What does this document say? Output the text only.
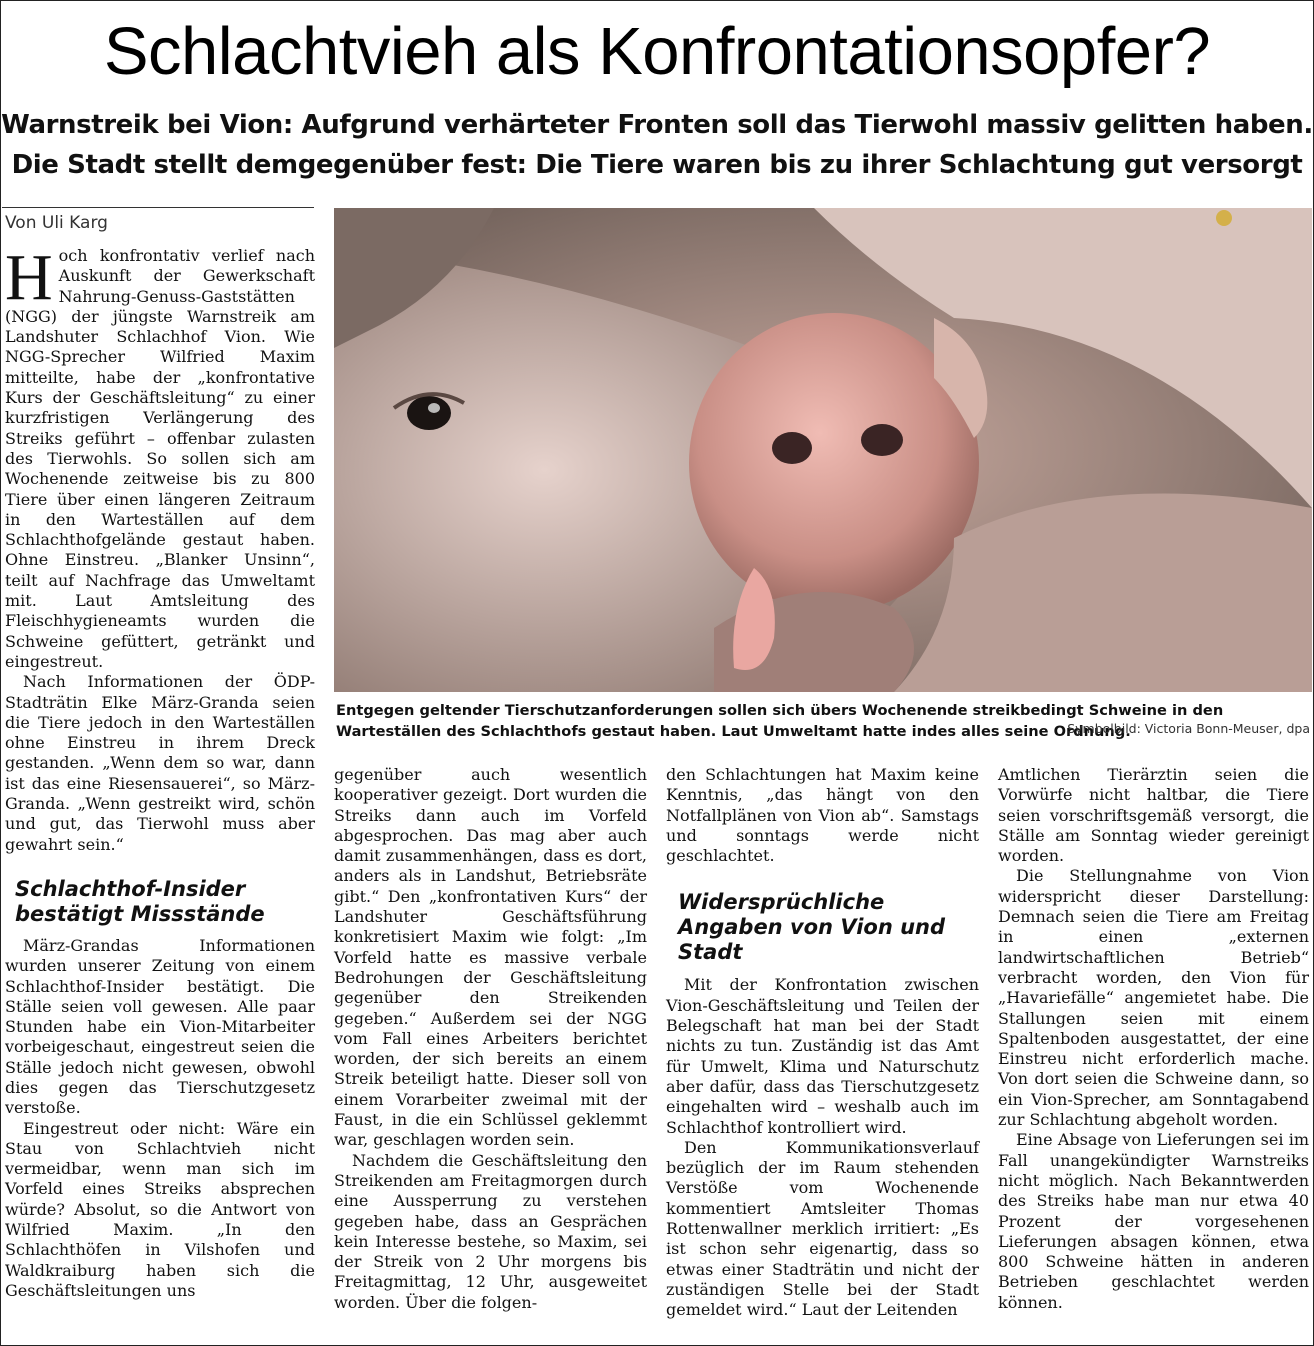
Schlachtvieh als Konfrontationsopfer?
Warnstreik bei Vion: Aufgrund verhärteter Fronten soll das Tierwohl massiv gelitten haben.
Die Stadt stellt demgegenüber fest: Die Tiere waren bis zu ihrer Schlachtung gut versorgt
Von Uli Karg

Hoch konfrontativ verlief nach Auskunft der Gewerkschaft Nahrung-Genuss-Gaststätten (NGG) der jüngste Warnstreik am Landshuter Schlachhof Vion. Wie NGG-Sprecher Wilfried Maxim mitteilte, habe der „konfrontative Kurs der Geschäftsleitung“ zu einer kurzfristigen Verlängerung des Streiks geführt – offenbar zulasten des Tierwohls. So sollen sich am Wochenende zeitweise bis zu 800 Tiere über einen längeren Zeitraum in den Warteställen auf dem Schlachthofgelände gestaut haben. Ohne Einstreu. „Blanker Unsinn“, teilt auf Nachfrage das Umweltamt mit. Laut Amtsleitung des Fleischhygieneamts wurden die Schweine gefüttert, getränkt und eingestreut.

Nach Informationen der ÖDP-Stadträtin Elke März-Granda seien die Tiere jedoch in den Warteställen ohne Einstreu in ihrem Dreck gestanden. „Wenn dem so war, dann ist das eine Riesensauerei“, so März-Granda. „Wenn gestreikt wird, schön und gut, das Tierwohl muss aber gewahrt sein.“

Schlachthof-Insider bestätigt Missstände

März-Grandas Informationen wurden unserer Zeitung von einem Schlachthof-Insider bestätigt. Die Ställe seien voll gewesen. Alle paar Stunden habe ein Vion-Mitarbeiter vorbeigeschaut, eingestreut seien die Ställe jedoch nicht gewesen, obwohl dies gegen das Tierschutzgesetz verstoße.

Eingestreut oder nicht: Wäre ein Stau von Schlachtvieh nicht vermeidbar, wenn man sich im Vorfeld eines Streiks absprechen würde? Absolut, so die Antwort von Wilfried Maxim. „In den Schlachthöfen in Vilshofen und Waldkraiburg haben sich die Geschäftsleitungen uns

Entgegen geltender Tierschutzanforderungen sollen sich übers Wochenende streikbedingt Schweine in den Warteställen des Schlachthofs gestaut haben. Laut Umweltamt hatte indes alles seine Ordnung.
Symbolbild: Victoria Bonn-Meuser, dpa

gegenüber auch wesentlich kooperativer gezeigt. Dort wurden die Streiks dann auch im Vorfeld abgesprochen. Das mag aber auch damit zusammenhängen, dass es dort, anders als in Landshut, Betriebsräte gibt.“ Den „konfrontativen Kurs“ der Landshuter Geschäftsführung konkretisiert Maxim wie folgt: „Im Vorfeld hatte es massive verbale Bedrohungen der Geschäftsleitung gegenüber den Streikenden gegeben.“ Außerdem sei der NGG vom Fall eines Arbeiters berichtet worden, der sich bereits an einem Streik beteiligt hatte. Dieser soll von einem Vorarbeiter zweimal mit der Faust, in die ein Schlüssel geklemmt war, geschlagen worden sein.

Nachdem die Geschäftsleitung den Streikenden am Freitagmorgen durch eine Aussperrung zu verstehen gegeben habe, dass an Gesprächen kein Interesse bestehe, so Maxim, sei der Streik von 2 Uhr morgens bis Freitagmittag, 12 Uhr, ausgeweitet worden. Über die folgen-

den Schlachtungen hat Maxim keine Kenntnis, „das hängt von den Notfallplänen von Vion ab“. Samstags und sonntags werde nicht geschlachtet.

Widersprüchliche Angaben von Vion und Stadt

Mit der Konfrontation zwischen Vion-Geschäftsleitung und Teilen der Belegschaft hat man bei der Stadt nichts zu tun. Zuständig ist das Amt für Umwelt, Klima und Naturschutz aber dafür, dass das Tierschutzgesetz eingehalten wird – weshalb auch im Schlachthof kontrolliert wird.

Den Kommunikationsverlauf bezüglich der im Raum stehenden Verstöße vom Wochenende kommentiert Amtsleiter Thomas Rottenwallner merklich irritiert: „Es ist schon sehr eigenartig, dass so etwas einer Stadträtin und nicht der zuständigen Stelle bei der Stadt gemeldet wird.“ Laut der Leitenden

Amtlichen Tierärztin seien die Vorwürfe nicht haltbar, die Tiere seien vorschriftsgemäß versorgt, die Ställe am Sonntag wieder gereinigt worden.

Die Stellungnahme von Vion widerspricht dieser Darstellung: Demnach seien die Tiere am Freitag in einen „externen landwirtschaftlichen Betrieb“ verbracht worden, den Vion für „Havariefälle“ angemietet habe. Die Stallungen seien mit einem Spaltenboden ausgestattet, der eine Einstreu nicht erforderlich mache. Von dort seien die Schweine dann, so ein Vion-Sprecher, am Sonntagabend zur Schlachtung abgeholt worden.

Eine Absage von Lieferungen sei im Fall unangekündigter Warnstreiks nicht möglich. Nach Bekanntwerden des Streiks habe man nur etwa 40 Prozent der vorgesehenen Lieferungen absagen können, etwa 800 Schweine hätten in anderen Betrieben geschlachtet werden können.
